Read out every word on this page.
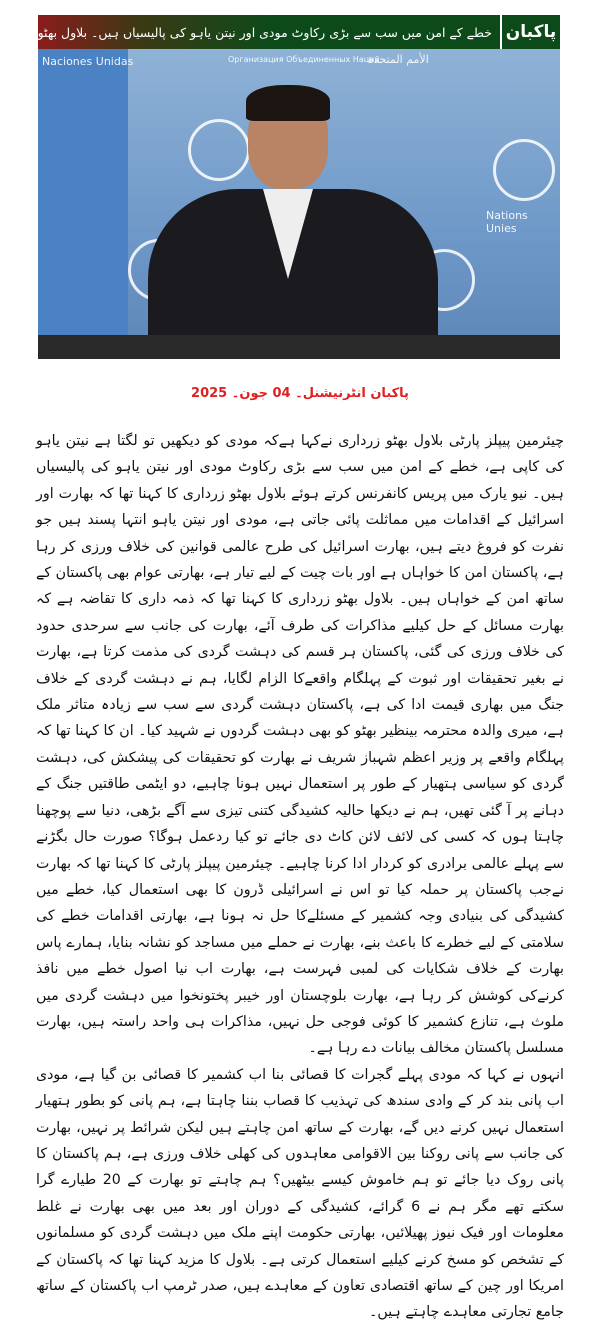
پاکبان
خطے کے امن میں سب سے بڑی رکاوٹ مودی اور نیتن یاہو کی پالیسیاں ہیں۔ بلاول بھٹو
Naciones Unidas	Организация Объединенных Наций
الأمم المتحدة
Nations Unies
پاکبان انٹرنیشنل۔ 04 جون۔ 2025

چیئرمین پیپلز پارٹی بلاول بھٹو زرداری نےکہا ہےکہ مودی کو دیکھیں تو لگتا ہے نیتن یاہو کی کاپی ہے، خطے کے امن میں سب سے بڑی رکاوٹ مودی اور نیتن یاہو کی پالیسیاں ہیں۔ نیو یارک میں پریس کانفرنس کرتے ہوئے بلاول بھٹو زرداری کا کہنا تھا کہ بھارت اور اسرائیل کے اقدامات میں مماثلت پائی جاتی ہے، مودی اور نیتن یاہو انتہا پسند ہیں جو نفرت کو فروغ دیتے ہیں، بھارت اسرائیل کی طرح عالمی قوانین کی خلاف ورزی کر رہا ہے، پاکستان امن کا خواہاں ہے اور بات چیت کے لیے تیار ہے، بھارتی عوام بھی پاکستان کے ساتھ امن کے خواہاں ہیں۔ بلاول بھٹو زرداری کا کہنا تھا کہ ذمہ داری کا تقاضہ ہے کہ بھارت مسائل کے حل کیلیے مذاکرات کی طرف آئے، بھارت کی جانب سے سرحدی حدود کی خلاف ورزی کی گئی، پاکستان ہر قسم کی دہشت گردی کی مذمت کرتا ہے، بھارت نے بغیر تحقیقات اور ثبوت کے پہلگام واقعےکا الزام لگایا، ہم نے دہشت گردی کے خلاف جنگ میں بھاری قیمت ادا کی ہے، پاکستان دہشت گردی سے سب سے زیادہ متاثر ملک ہے، میری والدہ محترمہ بینظیر بھٹو کو بھی دہشت گردوں نے شہید کیا۔ ان کا کہنا تھا کہ پہلگام واقعے پر وزیر اعظم شہباز شریف نے بھارت کو تحقیقات کی پیشکش کی، دہشت گردی کو سیاسی ہتھیار کے طور پر استعمال نہیں ہونا چاہیے، دو ایٹمی طاقتیں جنگ کے دہانے پر آ گئی تھیں، ہم نے دیکھا حالیہ کشیدگی کتنی تیزی سے آگے بڑھی، دنیا سے پوچھنا چاہتا ہوں کہ کسی کی لائف لائن کاٹ دی جائے تو کیا ردعمل ہوگا؟ صورت حال بگڑنے سے پہلے عالمی برادری کو کردار ادا کرنا چاہیے۔ چیئرمین پیپلز پارٹی کا کہنا تھا کہ بھارت نےجب پاکستان پر حملہ کیا تو اس نے اسرائیلی ڈرون کا بھی استعمال کیا، خطے میں کشیدگی کی بنیادی وجہ کشمیر کے مسئلےکا حل نہ ہونا ہے، بھارتی اقدامات خطے کی سلامتی کے لیے خطرے کا باعث بنے، بھارت نے حملے میں مساجد کو نشانہ بنایا، ہمارے پاس بھارت کے خلاف شکایات کی لمبی فہرست ہے، بھارت اب نیا اصول خطے میں نافذ کرنےکی کوشش کر رہا ہے، بھارت بلوچستان اور خیبر پختونخوا میں دہشت گردی میں ملوث ہے، تنازع کشمیر کا کوئی فوجی حل نہیں، مذاکرات ہی واحد راستہ ہیں، بھارت مسلسل پاکستان مخالف بیانات دے رہا ہے۔

انہوں نے کہا کہ مودی پہلے گجرات کا قصائی بنا اب کشمیر کا قصائی بن گیا ہے، مودی اب پانی بند کر کے وادی سندھ کی تہذیب کا قصاب بننا چاہتا ہے، ہم پانی کو بطور ہتھیار استعمال نہیں کرنے دیں گے، بھارت کے ساتھ امن چاہتے ہیں لیکن شرائط پر نہیں، بھارت کی جانب سے پانی روکنا بین الاقوامی معاہدوں کی کھلی خلاف ورزی ہے، ہم پاکستان کا پانی روک دیا جائے تو ہم خاموش کیسے بیٹھیں؟ ہم چاہتے تو بھارت کے 20 طیارے گرا سکتے تھے مگر ہم نے 6 گرائے، کشیدگی کے دوران اور بعد میں بھی بھارت نے غلط معلومات اور فیک نیوز پھیلائیں، بھارتی حکومت اپنے ملک میں دہشت گردی کو مسلمانوں کے تشخص کو مسخ کرنے کیلیے استعمال کرتی ہے۔ بلاول کا مزید کہنا تھا کہ پاکستان کے امریکا اور چین کے ساتھ اقتصادی تعاون کے معاہدے ہیں، صدر ٹرمپ اب پاکستان کے ساتھ جامع تجارتی معاہدے چاہتے ہیں۔
